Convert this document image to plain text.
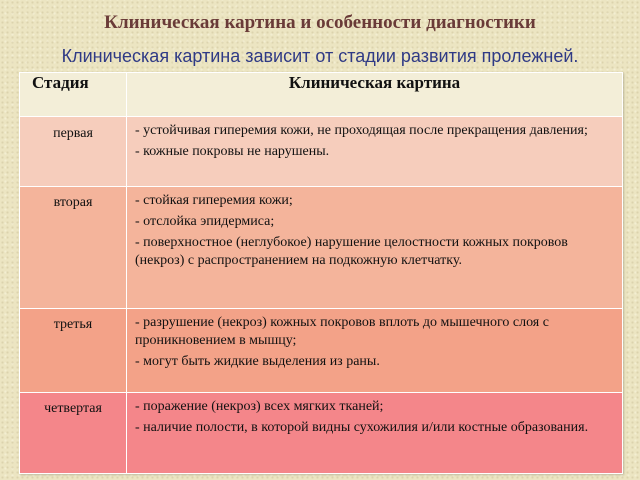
Клиническая картина и особенности диагностики
Клиническая картина зависит от стадии развития пролежней.
Стадия	Клиническая картина
первая	- устойчивая гиперемия кожи, не проходящая после прекращения давления;
- кожные покровы не нарушены.

вторая	- стойкая гиперемия кожи;
- отслойка эпидермиса;
- поверхностное (неглубокое) нарушение целостности кожных покровов (некроз) с распространением на подкожную клетчатку.

третья	- разрушение (некроз) кожных покровов вплоть до мышечного слоя с проникновением в мышцу;
- могут быть жидкие выделения из раны.

четвертая	- поражение (некроз) всех мягких тканей;
- наличие полости, в которой видны сухожилия и/или костные образования.
